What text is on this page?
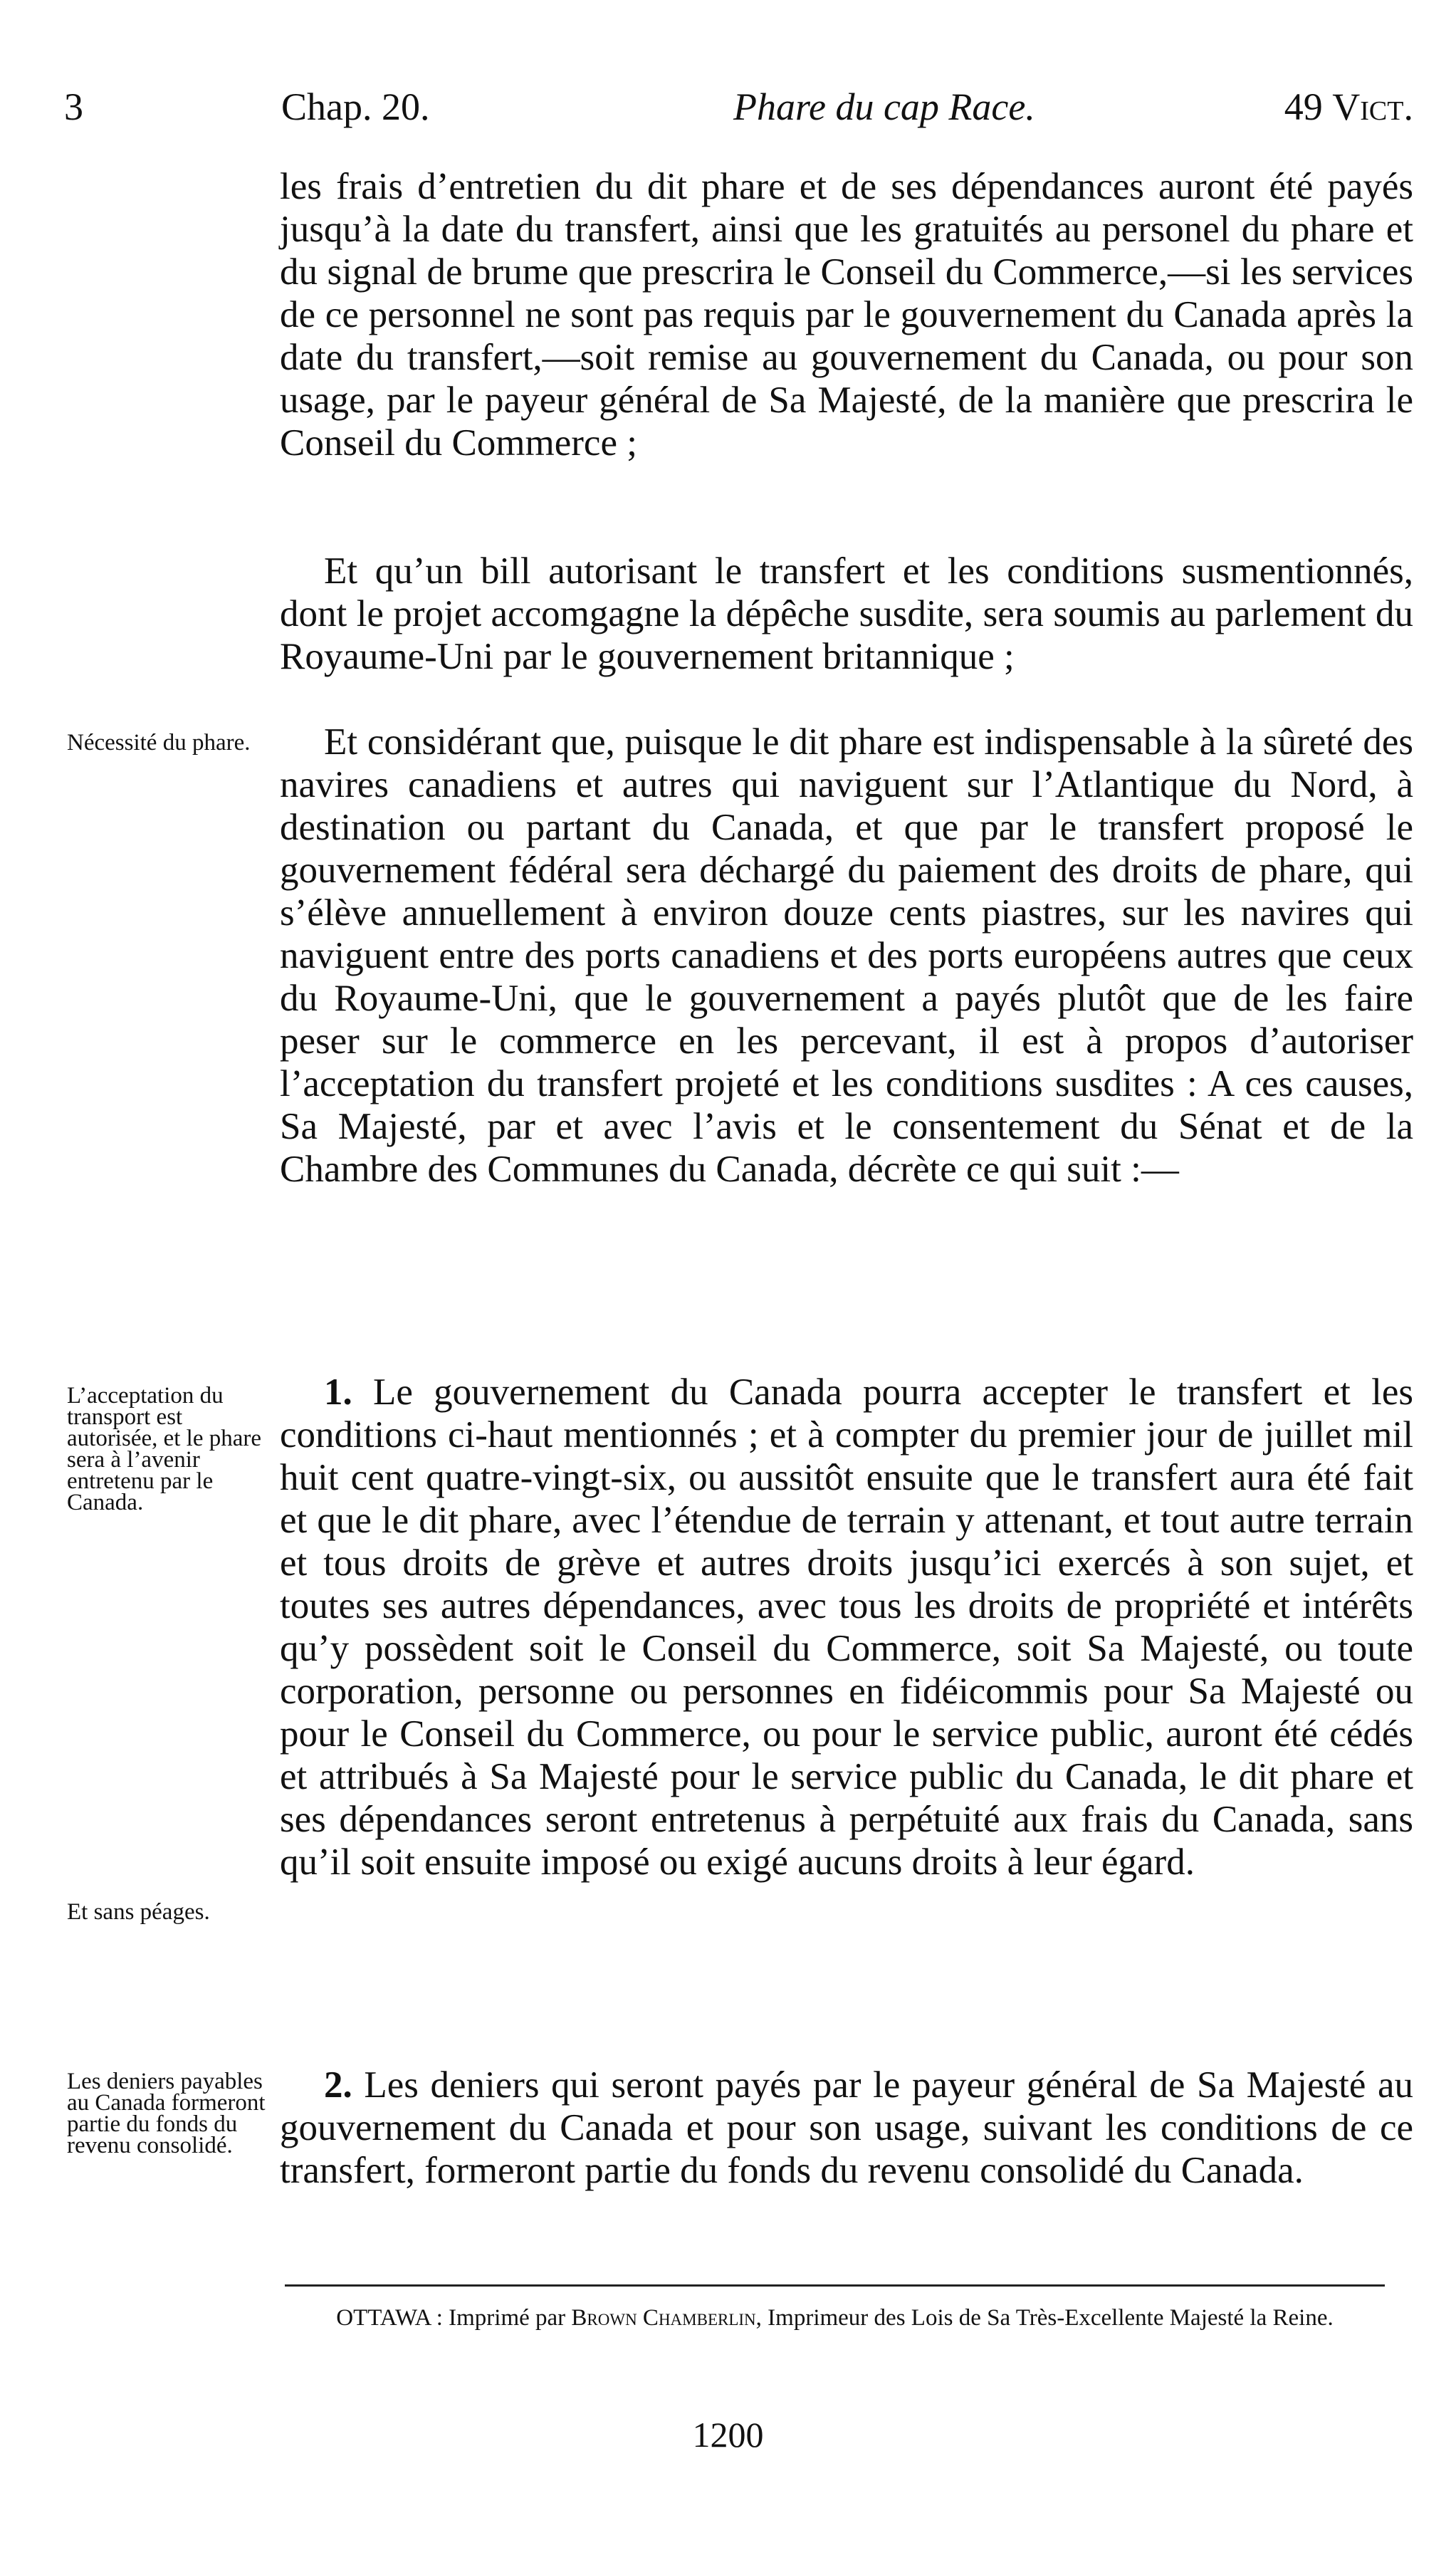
3	Chap. 20.	Phare du cap Race.	49 Vict.

les frais d’entretien du dit phare et de ses dépendances auront été payés jusqu’à la date du transfert, ainsi que les gratuités au personel du phare et du signal de brume que prescrira le Conseil du Commerce,—si les services de ce personnel ne sont pas requis par le gouvernement du Canada après la date du transfert,—soit remise au gouvernement du Canada, ou pour son usage, par le payeur général de Sa Majesté, de la manière que prescrira le Conseil du Commerce ;

Et qu’un bill autorisant le transfert et les conditions susmentionnés, dont le projet accomgagne la dépêche susdite, sera soumis au parlement du Royaume-Uni par le gouvernement britannique ;

Et considérant que, puisque le dit phare est indispensable à la sûreté des navires canadiens et autres qui naviguent sur l’Atlantique du Nord, à destination ou partant du Canada, et que par le transfert proposé le gouvernement fédéral sera déchargé du paiement des droits de phare, qui s’élève annuellement à environ douze cents piastres, sur les navires qui naviguent entre des ports canadiens et des ports européens autres que ceux du Royaume-Uni, que le gouvernement a payés plutôt que de les faire peser sur le commerce en les percevant, il est à propos d’autoriser l’acceptation du transfert projeté et les conditions susdites : A ces causes, Sa Majesté, par et avec l’avis et le consentement du Sénat et de la Chambre des Communes du Canada, décrète ce qui suit :—

1. Le gouvernement du Canada pourra accepter le transfert et les conditions ci-haut mentionnés ; et à compter du premier jour de juillet mil huit cent quatre-vingt-six, ou aussitôt ensuite que le transfert aura été fait et que le dit phare, avec l’étendue de terrain y attenant, et tout autre terrain et tous droits de grève et autres droits jusqu’ici exercés à son sujet, et toutes ses autres dépendances, avec tous les droits de propriété et intérêts qu’y possèdent soit le Conseil du Commerce, soit Sa Majesté, ou toute corporation, personne ou personnes en fidéicommis pour Sa Majesté ou pour le Conseil du Commerce, ou pour le service public, auront été cédés et attribués à Sa Majesté pour le service public du Canada, le dit phare et ses dépendances seront entretenus à perpétuité aux frais du Canada, sans qu’il soit ensuite imposé ou exigé aucuns droits à leur égard.

2. Les deniers qui seront payés par le payeur général de Sa Majesté au gouvernement du Canada et pour son usage, suivant les conditions de ce transfert, formeront partie du fonds du revenu consolidé du Canada.

Nécessité du phare.

L’acceptation du transport est autorisée, et le phare sera à l’avenir entretenu par le Canada.

Et sans péages.

Les deniers payables au Canada formeront partie du fonds du revenu consolidé.

OTTAWA : Imprimé par Brown Chamberlin, Imprimeur des Lois de Sa Très-Excellente Majesté la Reine.
1200
